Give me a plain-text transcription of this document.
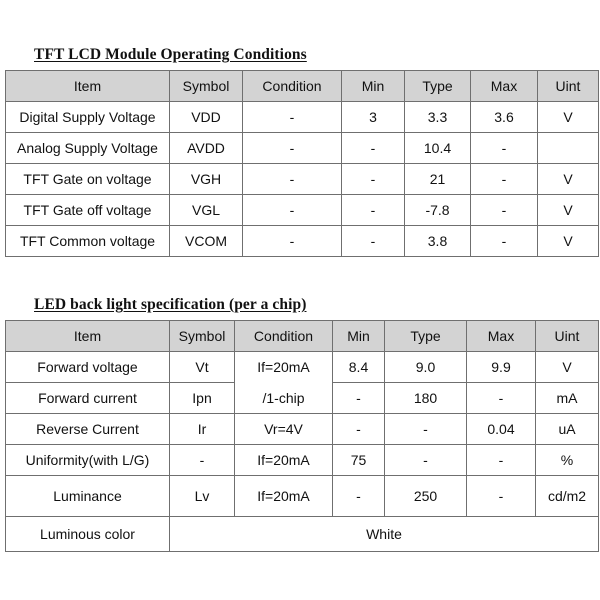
TFT LCD Module Operating Conditions
Item	Symbol	Condition	Min	Type	Max	Uint
Digital Supply Voltage	VDD	-	3	3.3	3.6	V
Analog Supply Voltage	AVDD	-	-	10.4	-	
TFT Gate on voltage	VGH	-	-	21	-	V
TFT Gate off voltage	VGL	-	-	-7.8	-	V
TFT Common voltage	VCOM	-	-	3.8	-	V
LED back light specification (per a chip)
Item	Symbol	Condition	Min	Type	Max	Uint
Forward voltage	Vt	If=20mA	8.4	9.0	9.9	V
Forward current	Ipn	/1-chip	-	180	-	mA
Reverse Current	Ir	Vr=4V	-	-	0.04	uA
Uniformity(with L/G)	-	If=20mA	75	-	-	%
Luminance	Lv	If=20mA	-	250	-	cd/m2
Luminous color	White					
